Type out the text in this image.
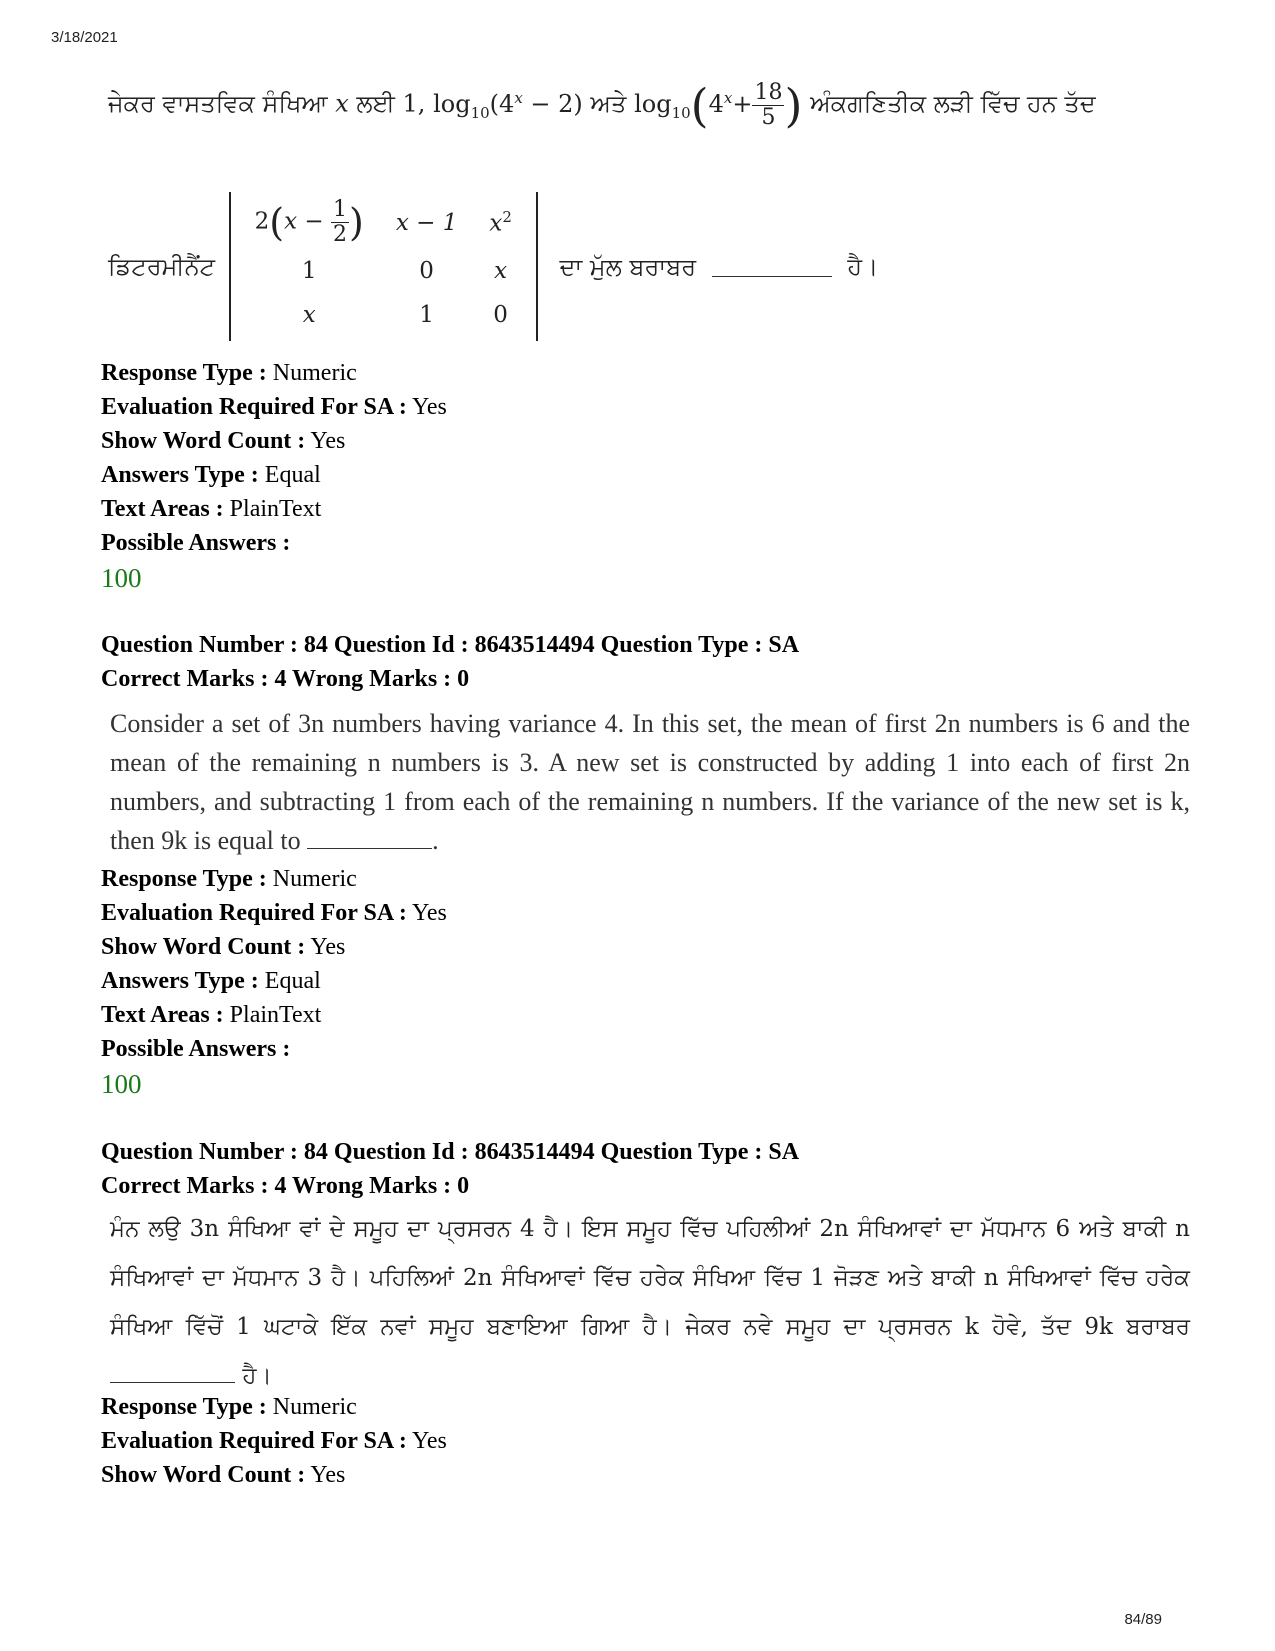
3/18/2021
84/89
ਜੇਕਰ ਵਾਸਤਵਿਕ ਸੰਖਿਆ x ਲਈ 1, $\log_{10}(4^x - 2)$ ਅਤੇ $\log_{10}(4^x+ \frac{18}{5}$ ) ਅੰਕਗਣਿਤੀਕ ਲੜੀ ਵਿੱਚ ਹਨ ਤੱਦ
ਡਿਟਰਮੀਨੈਂਟ
$2(x - \frac{1}{2}$ )	x − 1	$x^2$
1	0	x
x	1	0
ਦਾ ਮੁੱਲ ਬਰਾਬਰ	ਹੈ।
Response Type : Numeric
Evaluation Required For SA : Yes
Show Word Count : Yes
Answers Type : Equal
Text Areas : PlainText
Possible Answers :
100
Question Number : 84 Question Id : 8643514494 Question Type : SA
Correct Marks : 4 Wrong Marks : 0
Consider a set of 3n numbers having variance 4. In this set, the mean of first 2n numbers is 6 and the mean of the remaining n numbers is 3. A new set is constructed by adding 1 into each of first 2n numbers, and subtracting 1 from each of the remaining n numbers. If the variance of the new set is k, then 9k is equal to	.
Response Type : Numeric
Evaluation Required For SA : Yes
Show Word Count : Yes
Answers Type : Equal
Text Areas : PlainText
Possible Answers :
100
Question Number : 84 Question Id : 8643514494 Question Type : SA
Correct Marks : 4 Wrong Marks : 0
ਮੰਨ ਲਉ 3n ਸੰਖਿਆ ਵਾਂ ਦੇ ਸਮੂਹ ਦਾ ਪ੍ਰਸਰਨ 4 ਹੈ। ਇਸ ਸਮੂਹ ਵਿੱਚ ਪਹਿਲੀਆਂ 2n ਸੰਖਿਆਵਾਂ ਦਾ ਮੱਧਮਾਨ 6 ਅਤੇ ਬਾਕੀ n ਸੰਖਿਆਵਾਂ ਦਾ ਮੱਧਮਾਨ 3 ਹੈ। ਪਹਿਲਿਆਂ 2n ਸੰਖਿਆਵਾਂ ਵਿੱਚ ਹਰੇਕ ਸੰਖਿਆ ਵਿੱਚ 1 ਜੋੜਣ ਅਤੇ ਬਾਕੀ n ਸੰਖਿਆਵਾਂ ਵਿੱਚ ਹਰੇਕ ਸੰਖਿਆ ਵਿੱਚੋਂ 1 ਘਟਾਕੇ ਇੱਕ ਨਵਾਂ ਸਮੂਹ ਬਣਾਇਆ ਗਿਆ ਹੈ। ਜੇਕਰ ਨਵੇ ਸਮੂਹ ਦਾ ਪ੍ਰਸਰਨ k ਹੋਵੇ, ਤੱਦ 9k ਬਰਾਬਰ  ਹੈ।
Response Type : Numeric
Evaluation Required For SA : Yes
Show Word Count : Yes
